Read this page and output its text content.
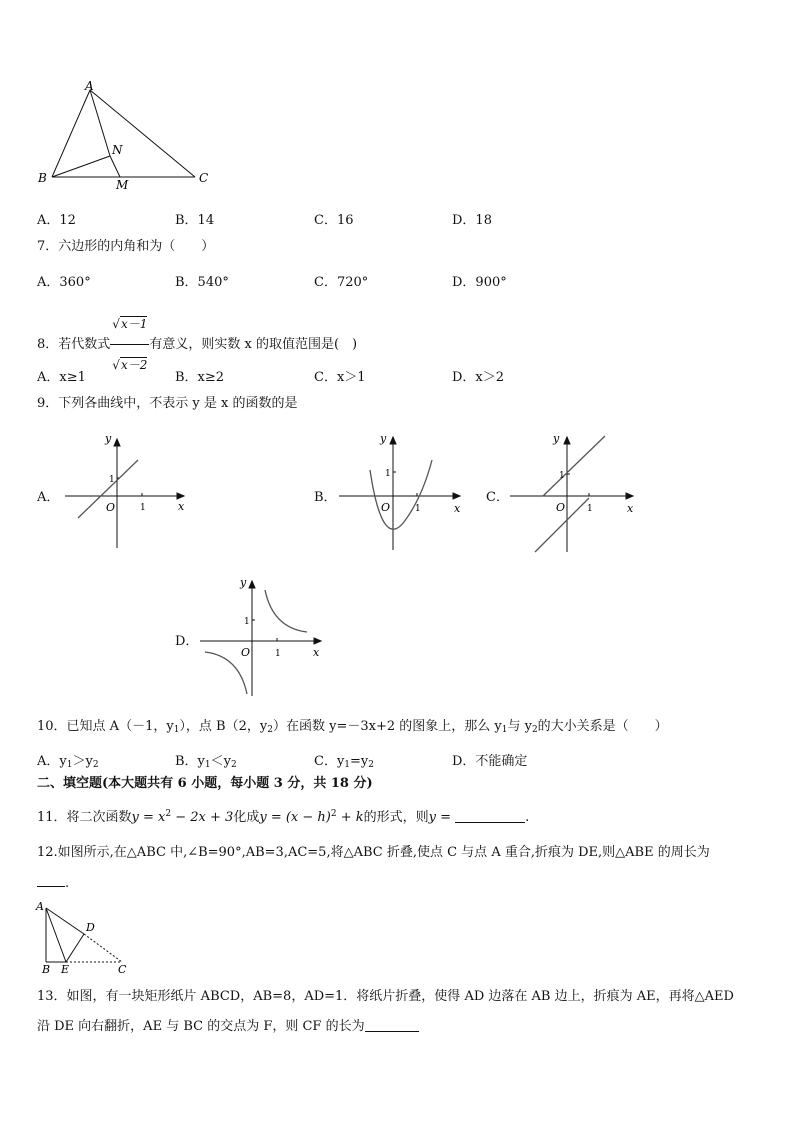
A
B	C
M
N
A．12	B．14	C．16	D．18
7．六边形的内角和为（　　）
A．360°	B．540°	C．720°	D．900°
8．若代数式 $\frac{√x-1}{√x-2}$ 有意义，则实数 x 的取值范围是(　)
A．x≥1	B．x≥2	C．x＞1	D．x＞2
9．下列各曲线中，不表示 y 是 x 的函数的是
A．
y
x
O
1
1
B．
y
x
O
1
1
C．
y
x
O
1
1
D．
y
x
O
1
1
10．已知点 A（－1，$y_1$），点 B（2，$y_2$）在函数 y=－3x+2 的图象上，那么 $y_1$与 $y_2$的大小关系是（　　）
A．$y_1>y_2$	B．$y_1<y_2$	C．$y_1=y_2$	D．不能确定
二、填空题(本大题共有 6 小题，每小题 3 分，共 18 分)
11．将二次函数$y = x^2 - 2x + 3$化成$y = (x - h)^2 + k$的形式，则y =	.
12.如图所示,在△ABC 中,∠B=90°,AB=3,AC=5,将△ABC 折叠,使点 C 与点 A 重合,折痕为 DE,则△ABE 的周长为
.
A
B	C
D
E
13．如图，有一块矩形纸片 ABCD，AB=8，AD=1．将纸片折叠，使得 AD 边落在 AB 边上，折痕为 AE，再将△AED
沿 DE 向右翻折，AE 与 BC 的交点为 F，则 CF 的长为
